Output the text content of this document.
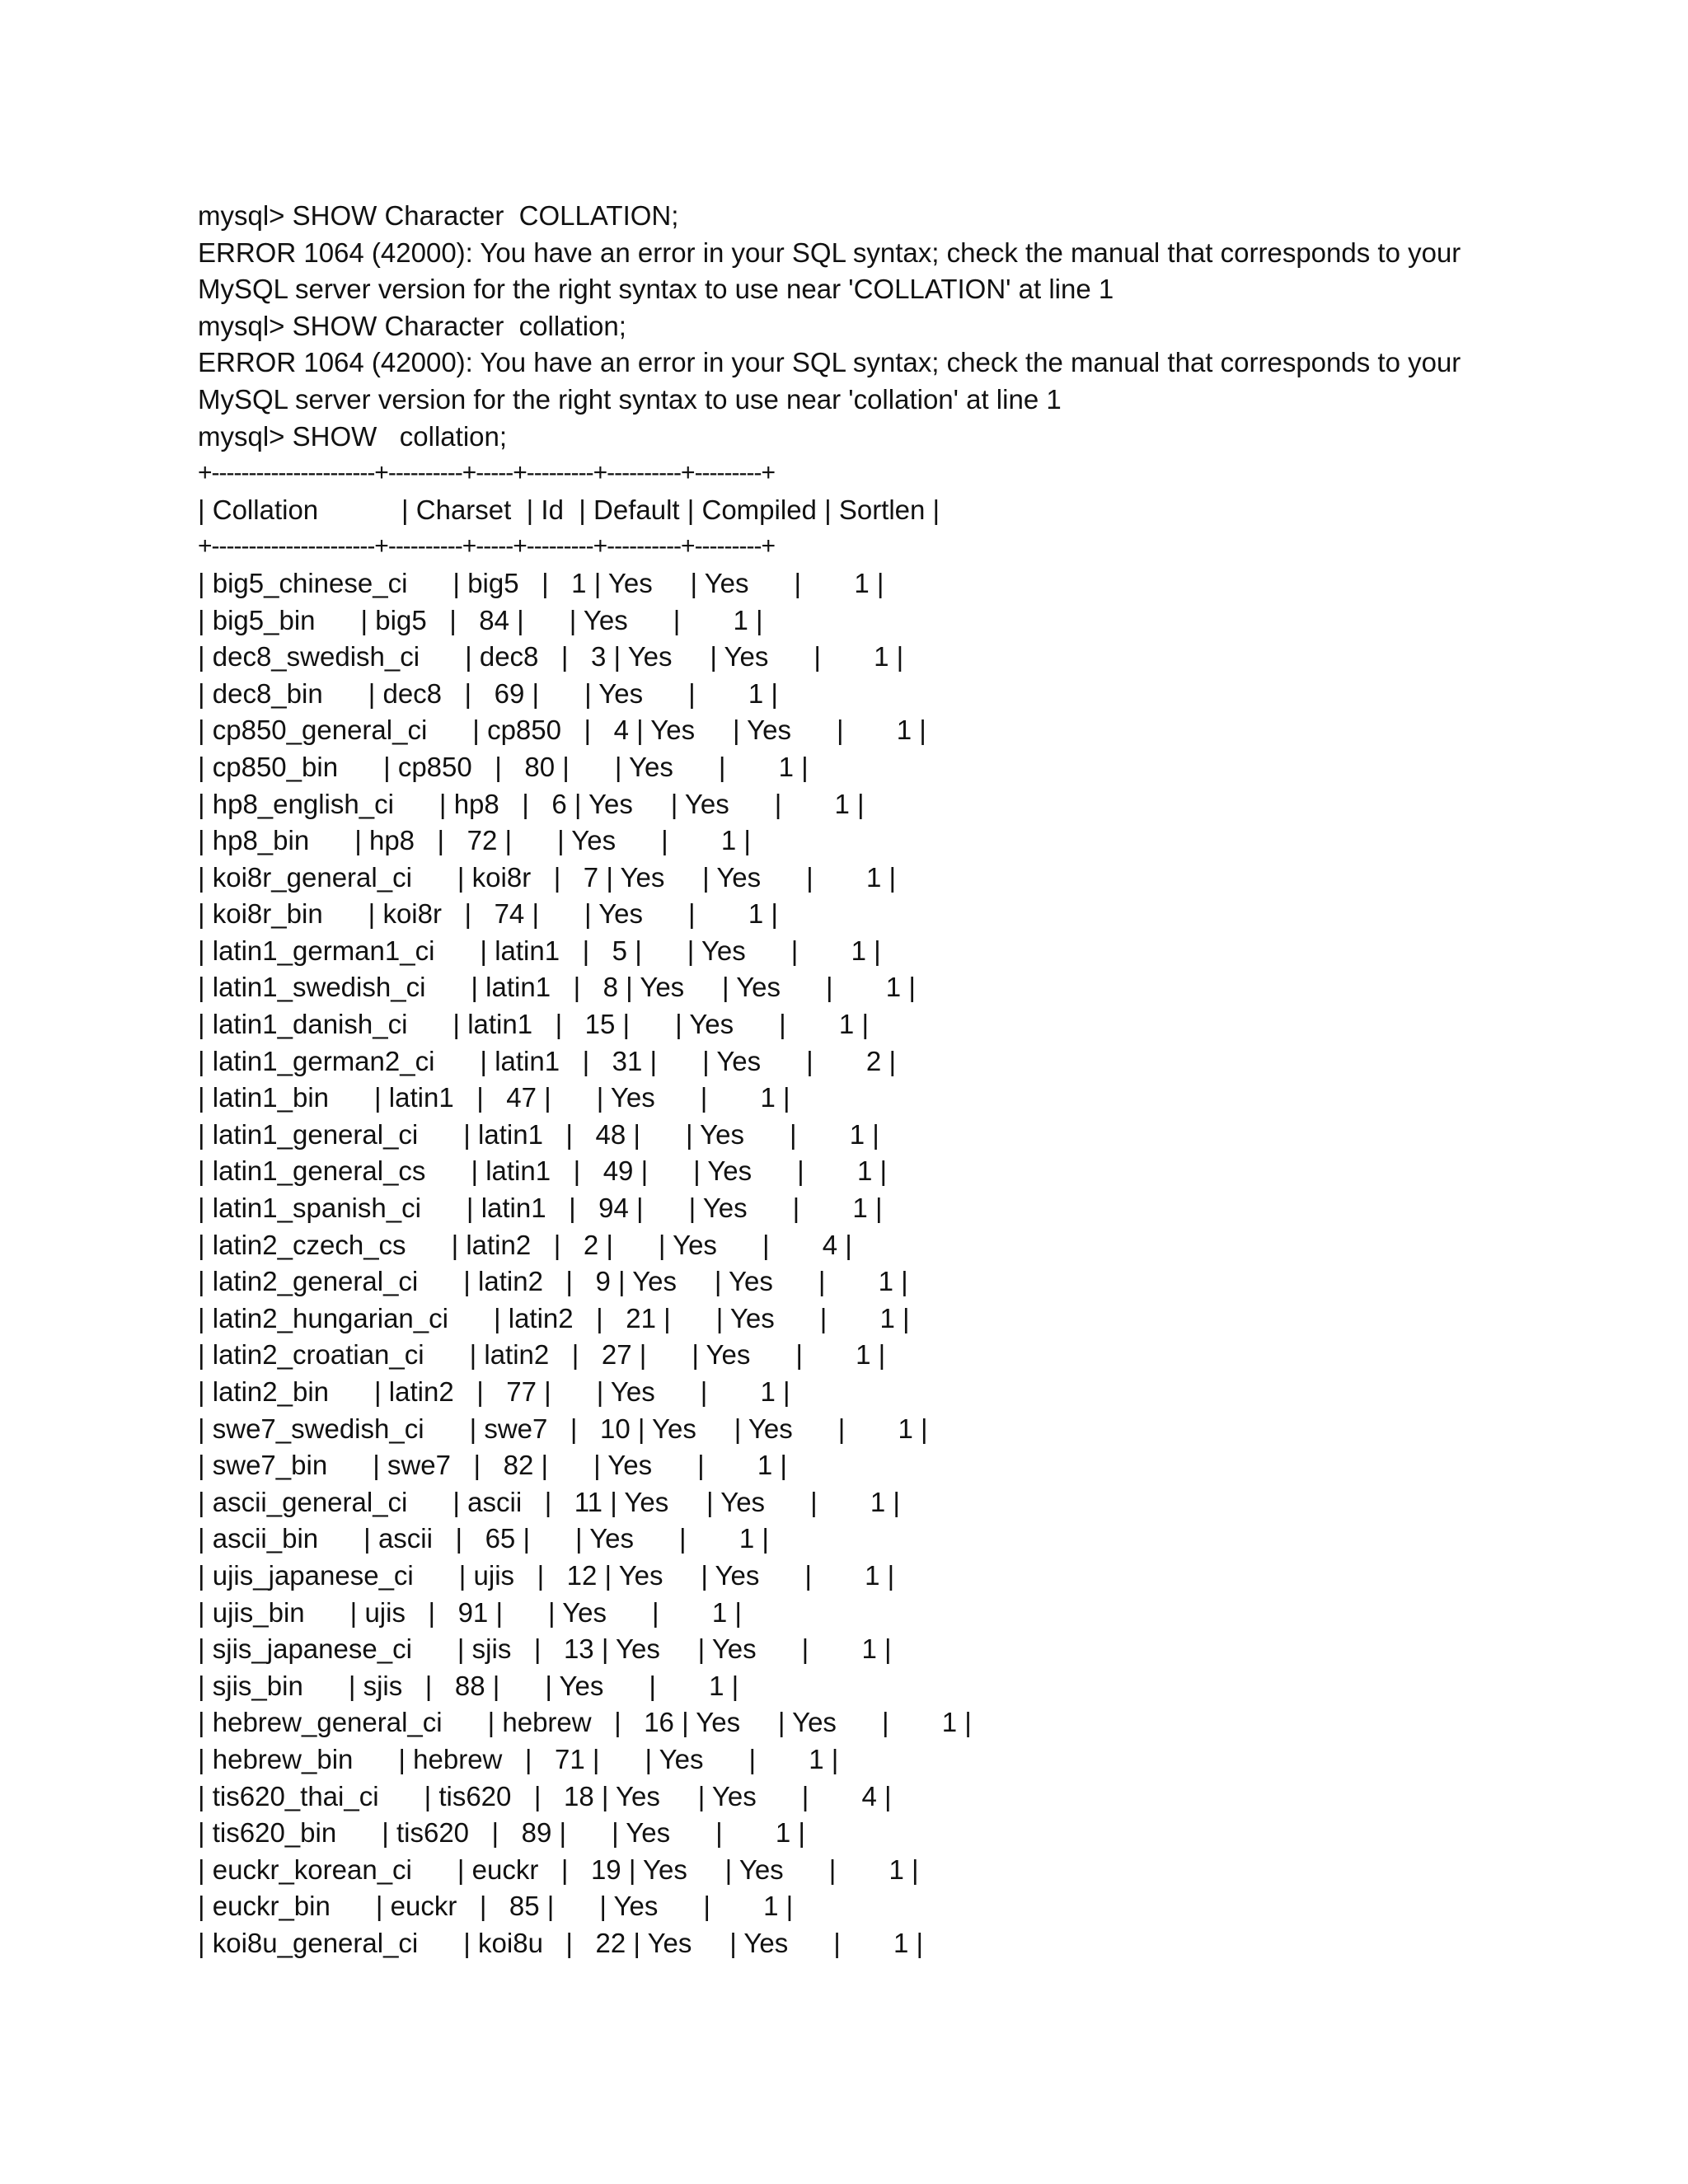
mysql> SHOW Character  COLLATION;
ERROR 1064 (42000): You have an error in your SQL syntax; check the manual that corresponds to your
MySQL server version for the right syntax to use near 'COLLATION' at line 1
mysql> SHOW Character  collation;
ERROR 1064 (42000): You have an error in your SQL syntax; check the manual that corresponds to your
MySQL server version for the right syntax to use near 'collation' at line 1
mysql> SHOW   collation;
+----------------------+----------+-----+---------+----------+---------+
| Collation           | Charset  | Id  | Default | Compiled | Sortlen |
+----------------------+----------+-----+---------+----------+---------+
| big5_chinese_ci      | big5   |   1 | Yes     | Yes      |       1 |
| big5_bin      | big5   |   84 |      | Yes      |       1 |
| dec8_swedish_ci      | dec8   |   3 | Yes     | Yes      |       1 |
| dec8_bin      | dec8   |   69 |      | Yes      |       1 |
| cp850_general_ci      | cp850   |   4 | Yes     | Yes      |       1 |
| cp850_bin      | cp850   |   80 |      | Yes      |       1 |
| hp8_english_ci      | hp8   |   6 | Yes     | Yes      |       1 |
| hp8_bin      | hp8   |   72 |      | Yes      |       1 |
| koi8r_general_ci      | koi8r   |   7 | Yes     | Yes      |       1 |
| koi8r_bin      | koi8r   |   74 |      | Yes      |       1 |
| latin1_german1_ci      | latin1   |   5 |      | Yes      |       1 |
| latin1_swedish_ci      | latin1   |   8 | Yes     | Yes      |       1 |
| latin1_danish_ci      | latin1   |   15 |      | Yes      |       1 |
| latin1_german2_ci      | latin1   |   31 |      | Yes      |       2 |
| latin1_bin      | latin1   |   47 |      | Yes      |       1 |
| latin1_general_ci      | latin1   |   48 |      | Yes      |       1 |
| latin1_general_cs      | latin1   |   49 |      | Yes      |       1 |
| latin1_spanish_ci      | latin1   |   94 |      | Yes      |       1 |
| latin2_czech_cs      | latin2   |   2 |      | Yes      |       4 |
| latin2_general_ci      | latin2   |   9 | Yes     | Yes      |       1 |
| latin2_hungarian_ci      | latin2   |   21 |      | Yes      |       1 |
| latin2_croatian_ci      | latin2   |   27 |      | Yes      |       1 |
| latin2_bin      | latin2   |   77 |      | Yes      |       1 |
| swe7_swedish_ci      | swe7   |   10 | Yes     | Yes      |       1 |
| swe7_bin      | swe7   |   82 |      | Yes      |       1 |
| ascii_general_ci      | ascii   |   11 | Yes     | Yes      |       1 |
| ascii_bin      | ascii   |   65 |      | Yes      |       1 |
| ujis_japanese_ci      | ujis   |   12 | Yes     | Yes      |       1 |
| ujis_bin      | ujis   |   91 |      | Yes      |       1 |
| sjis_japanese_ci      | sjis   |   13 | Yes     | Yes      |       1 |
| sjis_bin      | sjis   |   88 |      | Yes      |       1 |
| hebrew_general_ci      | hebrew   |   16 | Yes     | Yes      |       1 |
| hebrew_bin      | hebrew   |   71 |      | Yes      |       1 |
| tis620_thai_ci      | tis620   |   18 | Yes     | Yes      |       4 |
| tis620_bin      | tis620   |   89 |      | Yes      |       1 |
| euckr_korean_ci      | euckr   |   19 | Yes     | Yes      |       1 |
| euckr_bin      | euckr   |   85 |      | Yes      |       1 |
| koi8u_general_ci      | koi8u   |   22 | Yes     | Yes      |       1 |
